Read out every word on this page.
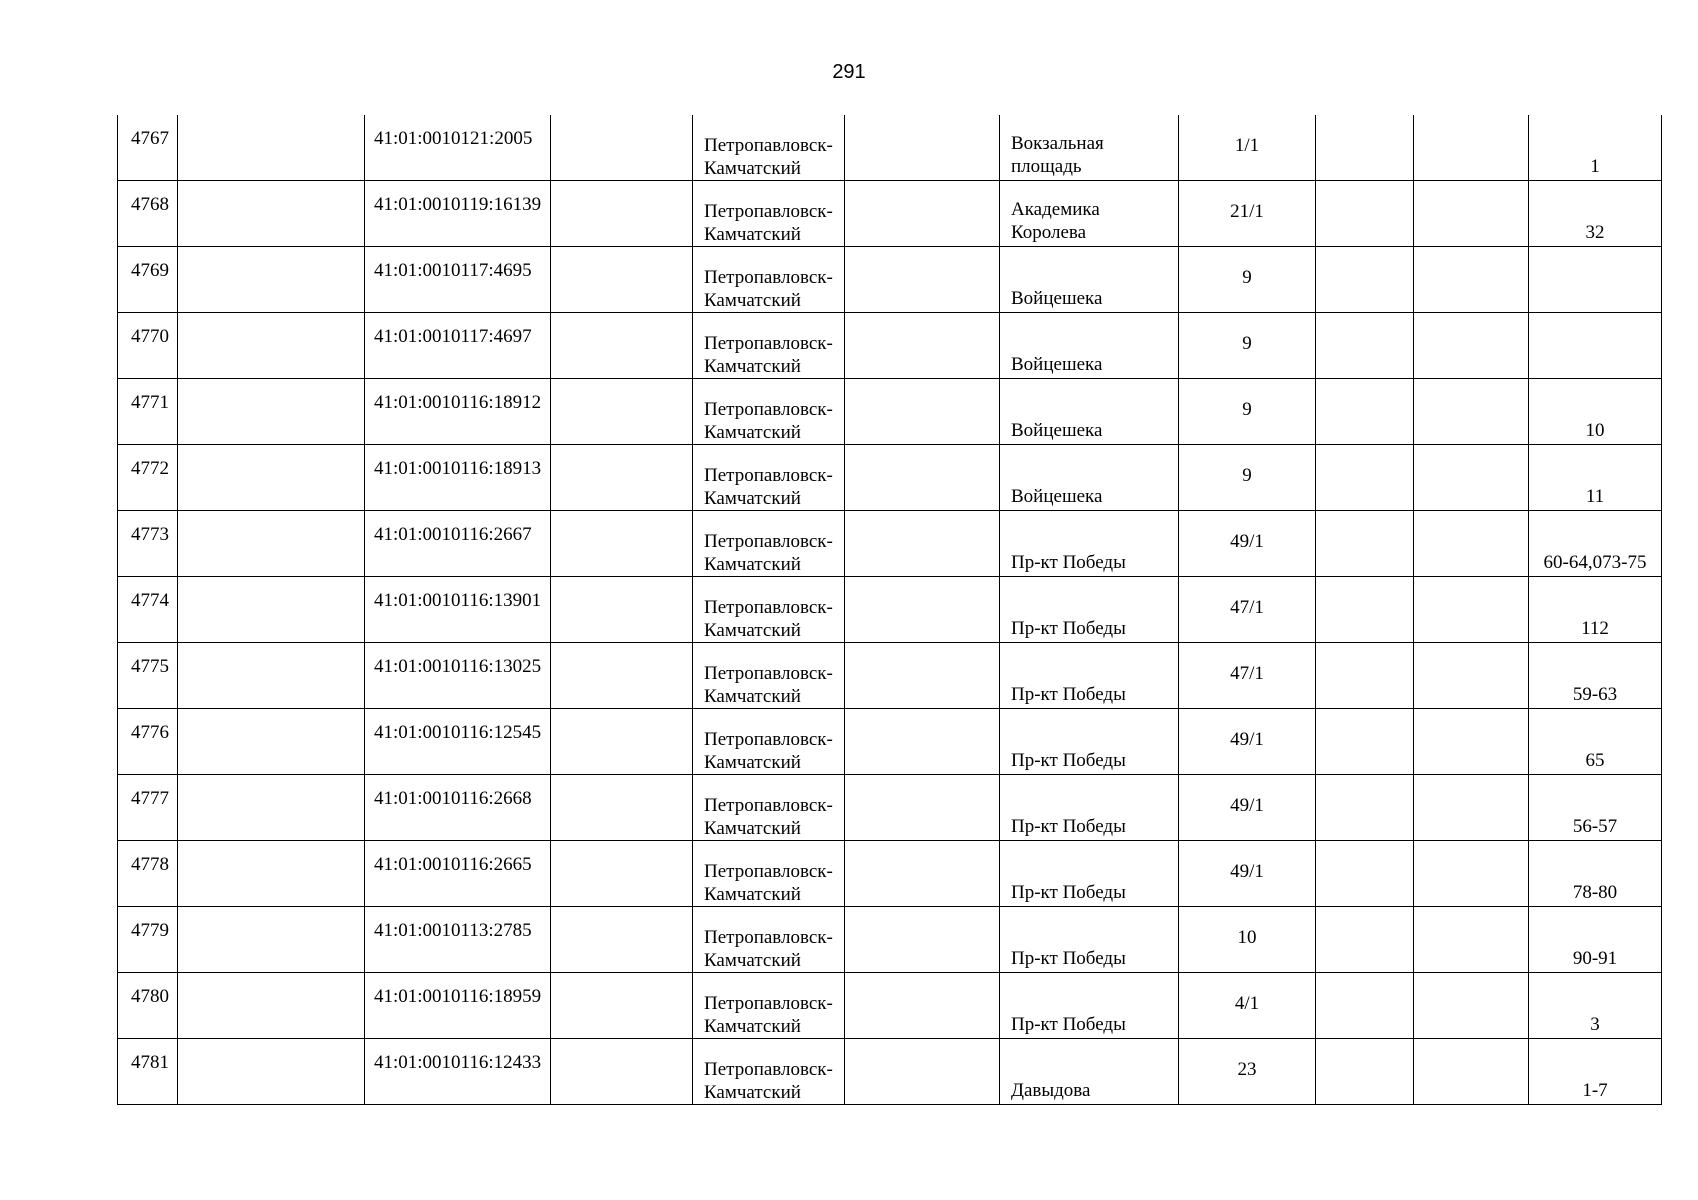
291
4767		41:01:0010121:2005		Петропавловск-Камчатский		Вокзальная площадь	1/1			1

4768		41:01:0010119:16139		Петропавловск-Камчатский		Академика Королева	21/1			32

4769		41:01:0010117:4695		Петропавловск-Камчатский		Войцешека	9			

4770		41:01:0010117:4697		Петропавловск-Камчатский		Войцешека	9			

4771		41:01:0010116:18912		Петропавловск-Камчатский		Войцешека	9			10

4772		41:01:0010116:18913		Петропавловск-Камчатский		Войцешека	9			11

4773		41:01:0010116:2667		Петропавловск-Камчатский		Пр-кт Победы	49/1			60-64,073-75

4774		41:01:0010116:13901		Петропавловск-Камчатский		Пр-кт Победы	47/1			112

4775		41:01:0010116:13025		Петропавловск-Камчатский		Пр-кт Победы	47/1			59-63

4776		41:01:0010116:12545		Петропавловск-Камчатский		Пр-кт Победы	49/1			65

4777		41:01:0010116:2668		Петропавловск-Камчатский		Пр-кт Победы	49/1			56-57

4778		41:01:0010116:2665		Петропавловск-Камчатский		Пр-кт Победы	49/1			78-80

4779		41:01:0010113:2785		Петропавловск-Камчатский		Пр-кт Победы	10			90-91

4780		41:01:0010116:18959		Петропавловск-Камчатский		Пр-кт Победы	4/1			3

4781		41:01:0010116:12433		Петропавловск-Камчатский		Давыдова	23			1-7
